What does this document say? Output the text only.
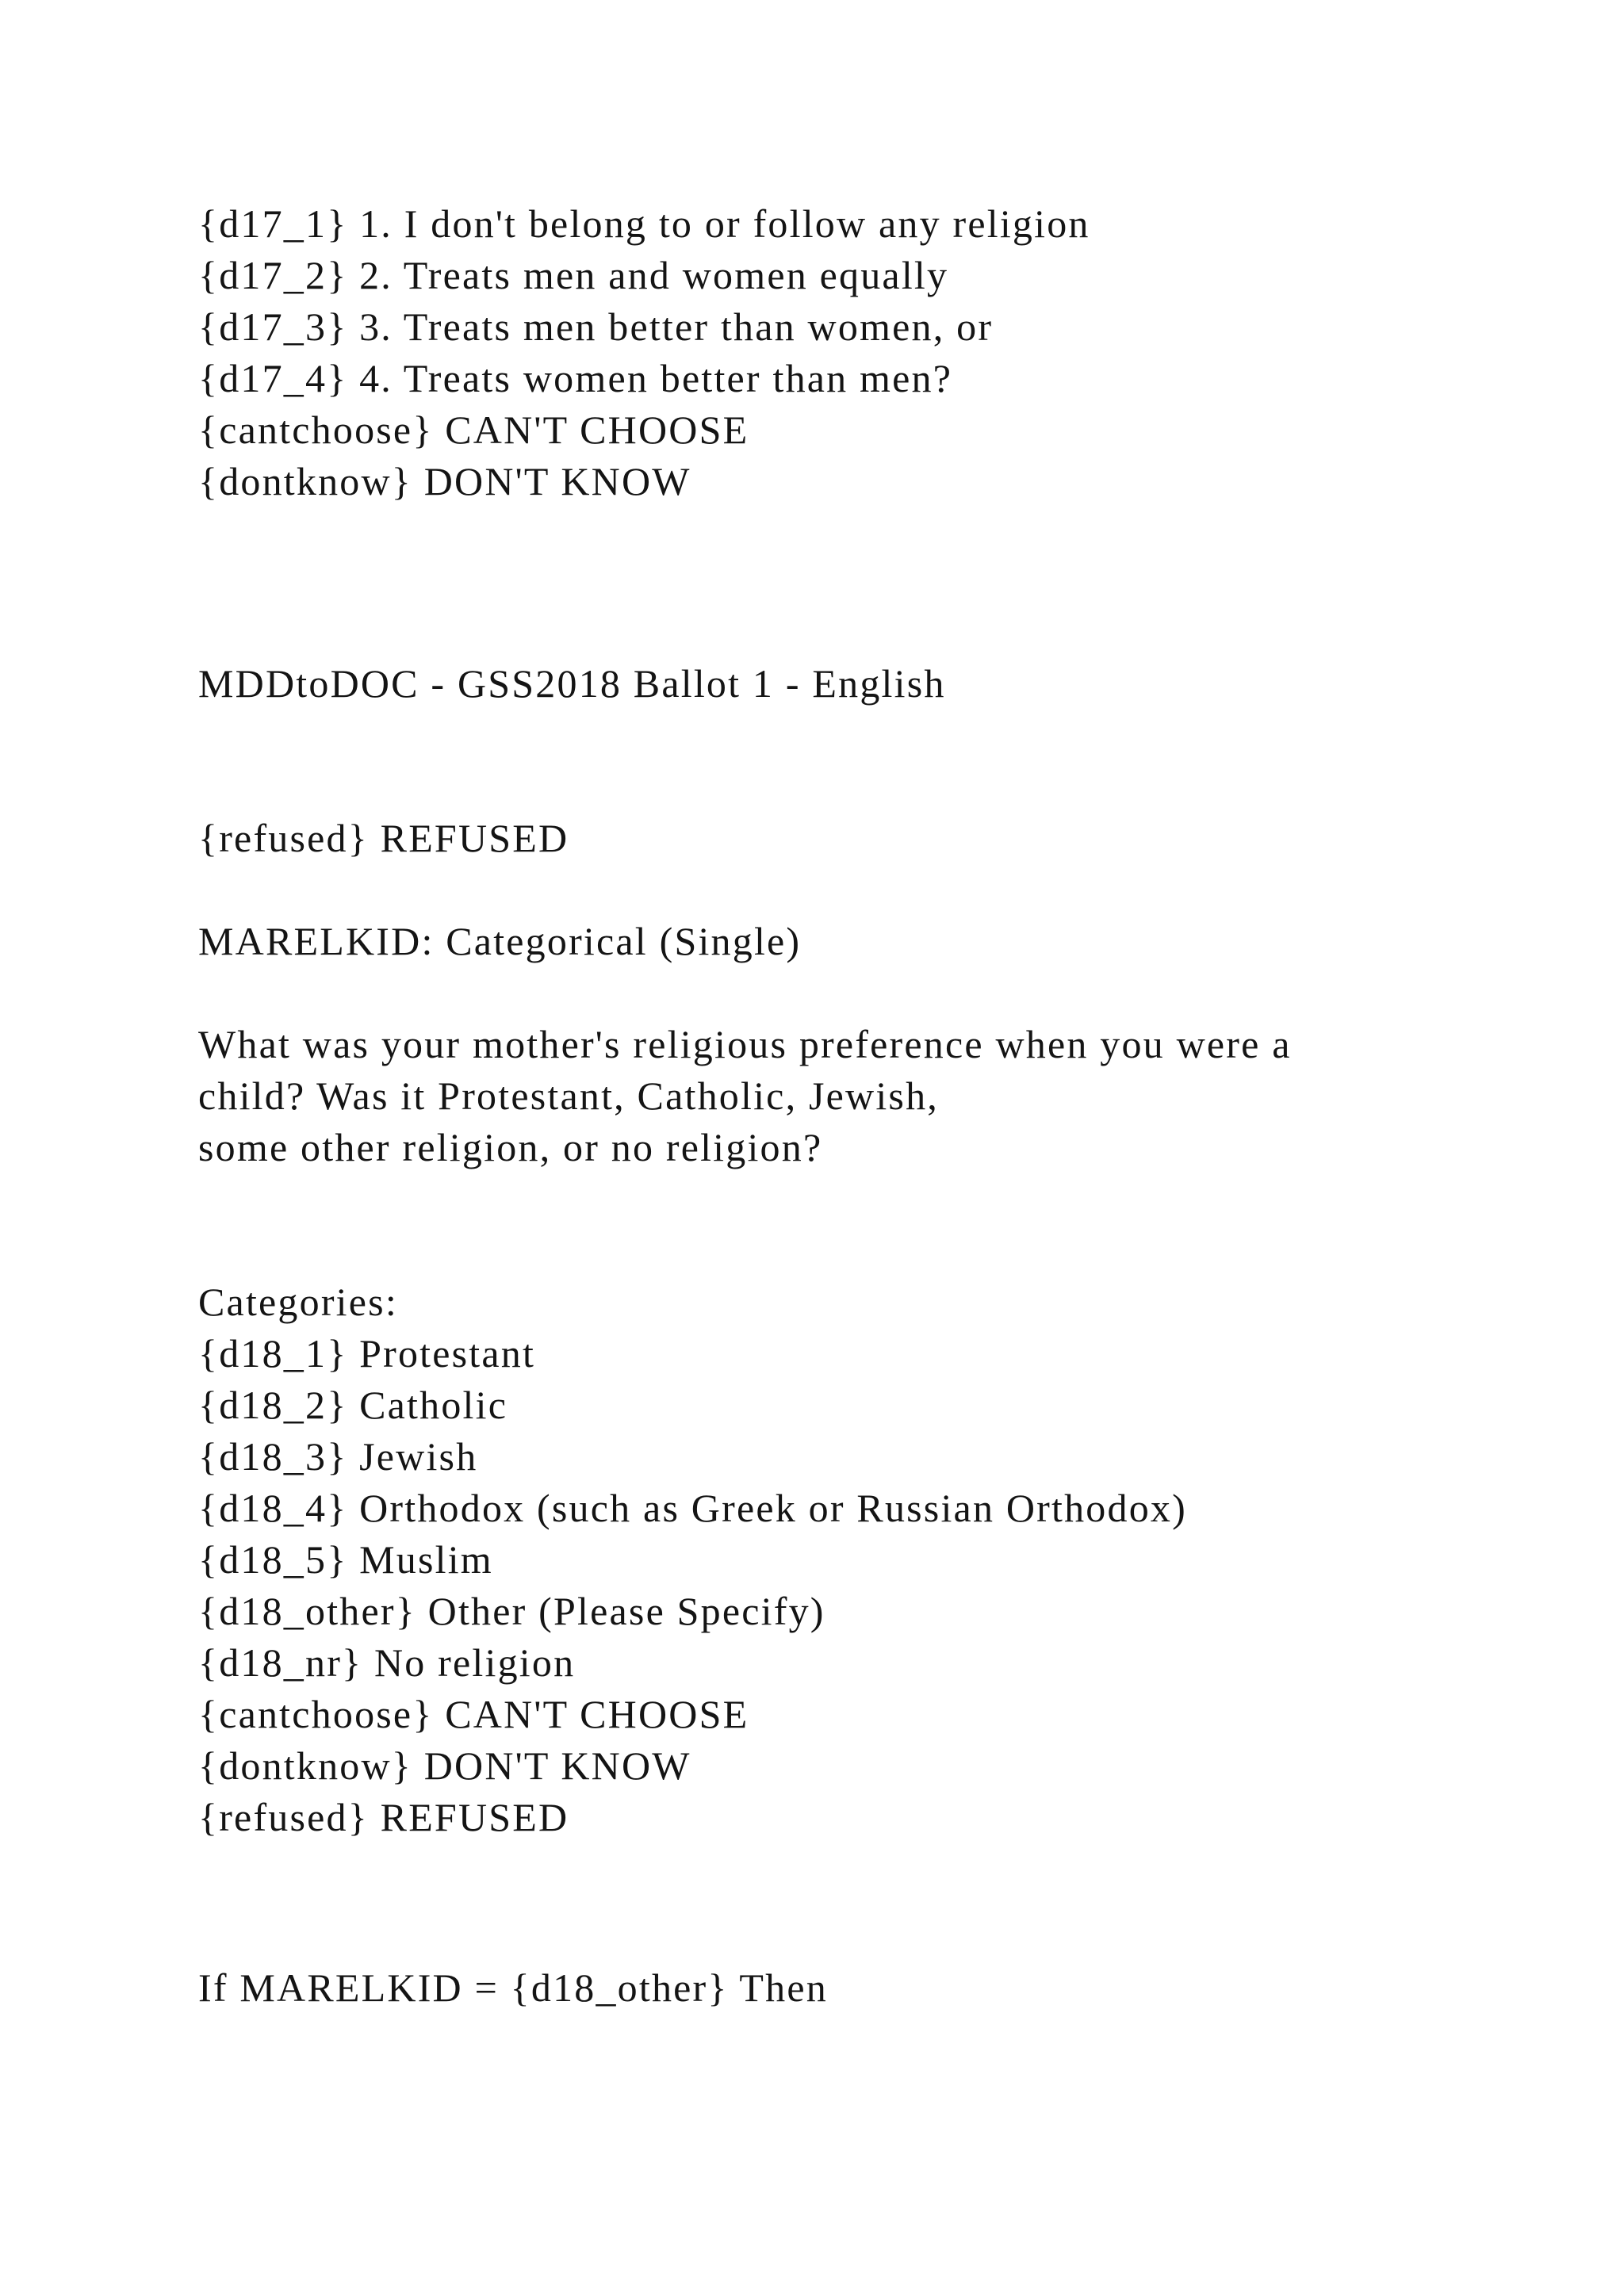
{d17_1} 1. I don't belong to or follow any religion

{d17_2} 2. Treats men and women equally

{d17_3} 3. Treats men better than women, or

{d17_4} 4. Treats women better than men?

{cantchoose} CAN'T CHOOSE

{dontknow} DON'T KNOW

MDDtoDOC - GSS2018 Ballot 1 - English

{refused} REFUSED

MARELKID: Categorical (Single)

What was your mother's religious preference when you were a

child? Was it Protestant, Catholic, Jewish,

some other religion, or no religion?

Categories:

{d18_1} Protestant

{d18_2} Catholic

{d18_3} Jewish

{d18_4} Orthodox (such as Greek or Russian Orthodox)

{d18_5} Muslim

{d18_other} Other (Please Specify)

{d18_nr} No religion

{cantchoose} CAN'T CHOOSE

{dontknow} DON'T KNOW

{refused} REFUSED

If MARELKID = {d18_other} Then
